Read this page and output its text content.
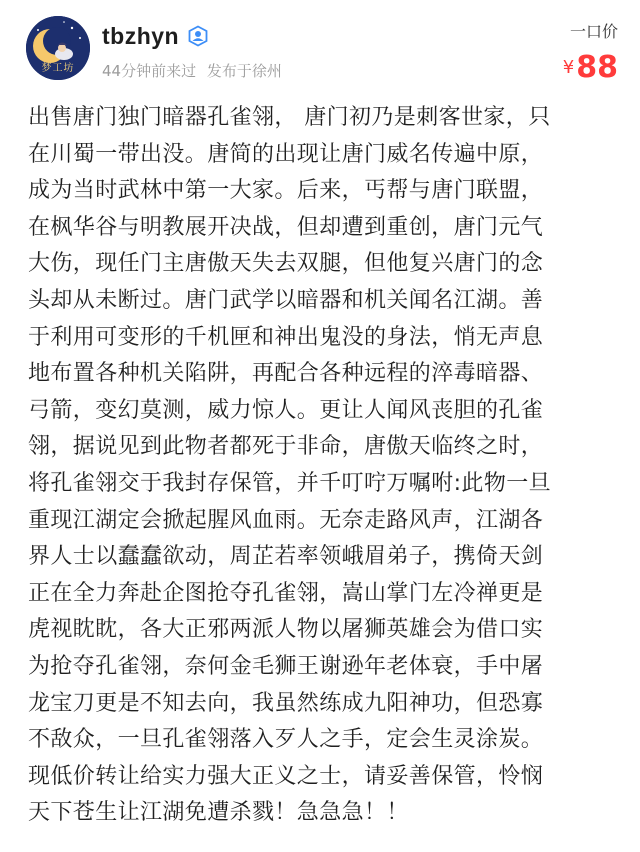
梦工坊
tbzhyn
44分钟前来过 发布于徐州
一口价
¥88
出售唐门独门暗器孔雀翎， 唐门初乃是刺客世家，只
在川蜀一带出没。唐简的出现让唐门威名传遍中原，
成为当时武林中第一大家。后来，丐帮与唐门联盟，
在枫华谷与明教展开决战，但却遭到重创，唐门元气
大伤，现任门主唐傲天失去双腿，但他复兴唐门的念
头却从未断过。唐门武学以暗器和机关闻名江湖。善
于利用可变形的千机匣和神出鬼没的身法，悄无声息
地布置各种机关陷阱，再配合各种远程的淬毒暗器、
弓箭，变幻莫测，威力惊人。更让人闻风丧胆的孔雀
翎，据说见到此物者都死于非命，唐傲天临终之时，
将孔雀翎交于我封存保管，并千叮咛万嘱咐:此物一旦
重现江湖定会掀起腥风血雨。无奈走路风声，江湖各
界人士以蠢蠢欲动，周芷若率领峨眉弟子，携倚天剑
正在全力奔赴企图抢夺孔雀翎，嵩山掌门左冷禅更是
虎视眈眈，各大正邪两派人物以屠狮英雄会为借口实
为抢夺孔雀翎，奈何金毛狮王谢逊年老体衰，手中屠
龙宝刀更是不知去向，我虽然练成九阳神功，但恐寡
不敌众，一旦孔雀翎落入歹人之手，定会生灵涂炭。
现低价转让给实力强大正义之士，请妥善保管，怜悯
天下苍生让江湖免遭杀戮！急急急！！
